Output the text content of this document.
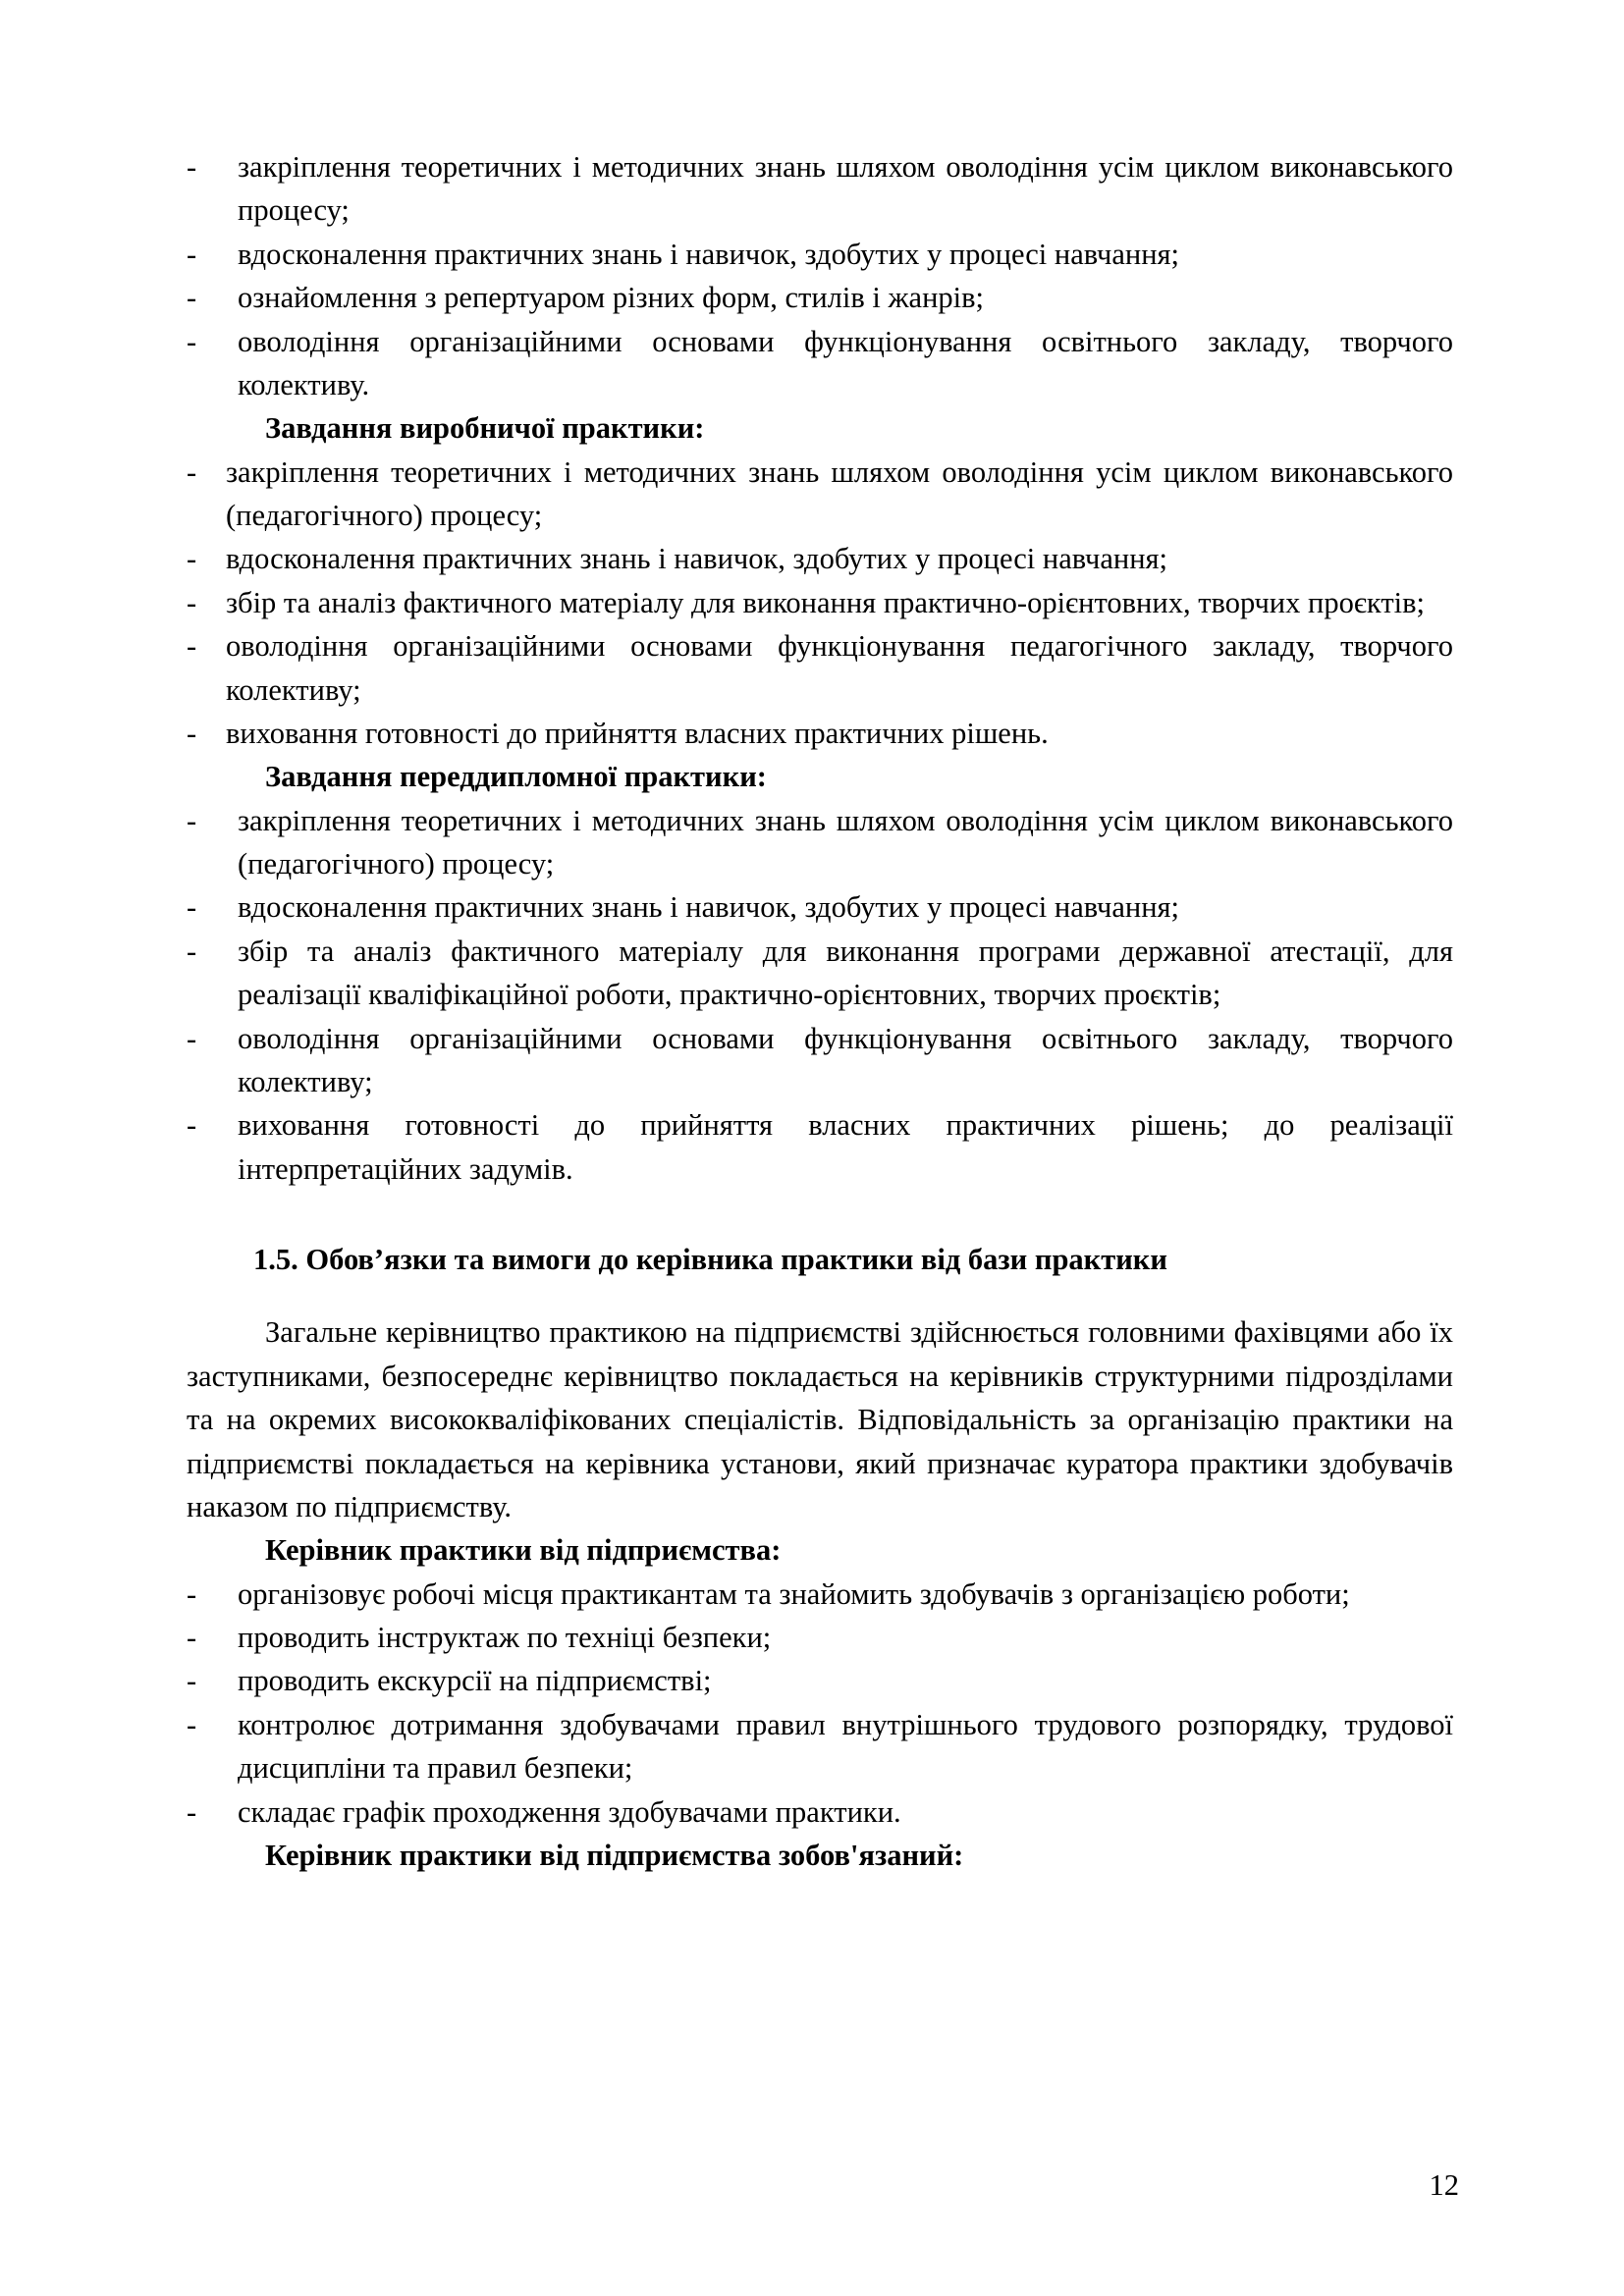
-	закріплення теоретичних і методичних знань шляхом оволодіння усім циклом виконавського процесу;
-	вдосконалення практичних знань і навичок, здобутих у процесі навчання;
-	ознайомлення з репертуаром різних форм, стилів і жанрів;
-	оволодіння організаційними основами функціонування освітнього закладу, творчого колективу.

Завдання виробничої практики:

- закріплення теоретичних і методичних знань шляхом оволодіння усім циклом виконавського (педагогічного) процесу;
- вдосконалення практичних знань і навичок, здобутих у процесі навчання;
- збір та аналіз фактичного матеріалу для виконання практично-орієнтовних, творчих проєктів;
- оволодіння організаційними основами функціонування педагогічного закладу, творчого колективу;
- виховання готовності до прийняття власних практичних рішень.

Завдання переддипломної практики:

-	закріплення теоретичних і методичних знань шляхом оволодіння усім циклом виконавського (педагогічного) процесу;
-	вдосконалення практичних знань і навичок, здобутих у процесі навчання;
-	збір та аналіз фактичного матеріалу для виконання програми державної атестації, для реалізації кваліфікаційної роботи, практично-орієнтовних, творчих проєктів;
-	оволодіння організаційними основами функціонування освітнього закладу, творчого колективу;
-	виховання готовності до прийняття власних практичних рішень; до реалізації інтерпретаційних задумів.

1.5. Обов’язки та вимоги до керівника практики від бази практики

Загальне керівництво практикою на підприємстві здійснюється головними фахівцями або їх заступниками, безпосереднє керівництво покладається на керівників структурними підрозділами та на окремих висококваліфікованих спеціалістів. Відповідальність за організацію практики на підприємстві покладається на керівника установи, який призначає куратора практики здобувачів наказом по підприємству.

Керівник практики від підприємства:

-	організовує робочі місця практикантам та знайомить здобувачів з організацією роботи;
-	проводить інструктаж по техніці безпеки;
-	проводить екскурсії на підприємстві;
-	контролює дотримання здобувачами правил внутрішнього трудового розпорядку, трудової дисципліни та правил безпеки;
-	складає графік проходження здобувачами практики.

Керівник практики від підприємства зобов'язаний:

12
